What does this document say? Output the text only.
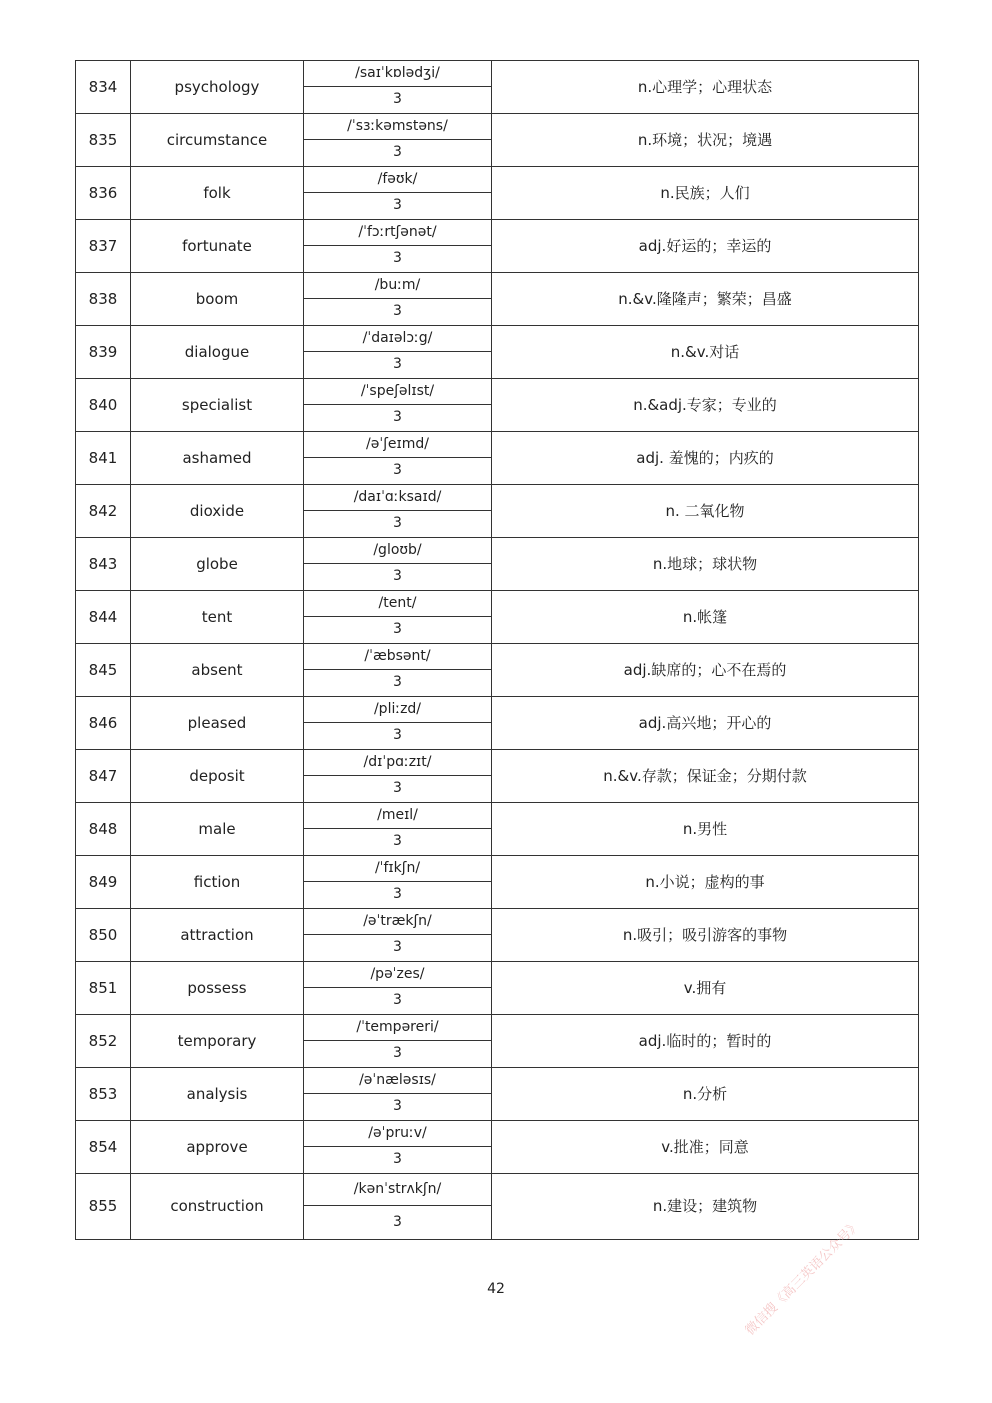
834	psychology	/saɪˈkɒlədʒi/	n.心理学；心理状态
		3	
835	circumstance	/ˈsɜːkəmstəns/	n.环境；状况；境遇
		3	
836	folk	/fəʊk/	n.民族；人们
		3	
837	fortunate	/ˈfɔːrtʃənət/	adj.好运的；幸运的
		3	
838	boom	/buːm/	n.&v.隆隆声；繁荣；昌盛
		3	
839	dialogue	/ˈdaɪəlɔːg/	n.&v.对话
		3	
840	specialist	/ˈspeʃəlɪst/	n.&adj.专家；专业的
		3	
841	ashamed	/əˈʃeɪmd/	adj. 羞愧的；内疚的
		3	
842	dioxide	/daɪˈɑːksaɪd/	n. 二氧化物
		3	
843	globe	/gloʊb/	n.地球；球状物
		3	
844	tent	/tent/	n.帐篷
		3	
845	absent	/ˈæbsənt/	adj.缺席的；心不在焉的
		3	
846	pleased	/pliːzd/	adj.高兴地；开心的
		3	
847	deposit	/dɪˈpɑːzɪt/	n.&v.存款；保证金；分期付款
		3	
848	male	/meɪl/	n.男性
		3	
849	fiction	/ˈfɪkʃn/	n.小说；虚构的事
		3	
850	attraction	/əˈtrækʃn/	n.吸引；吸引游客的事物
		3	
851	possess	/pəˈzes/	v.拥有
		3	
852	temporary	/ˈtempəreri/	adj.临时的；暂时的
		3	
853	analysis	/əˈnæləsɪs/	n.分析
		3	
854	approve	/əˈpruːv/	v.批准；同意
		3	
855	construction	/kənˈstrʌkʃn/	n.建设；建筑物
		3	
42	微信搜《高三英语公众号》
